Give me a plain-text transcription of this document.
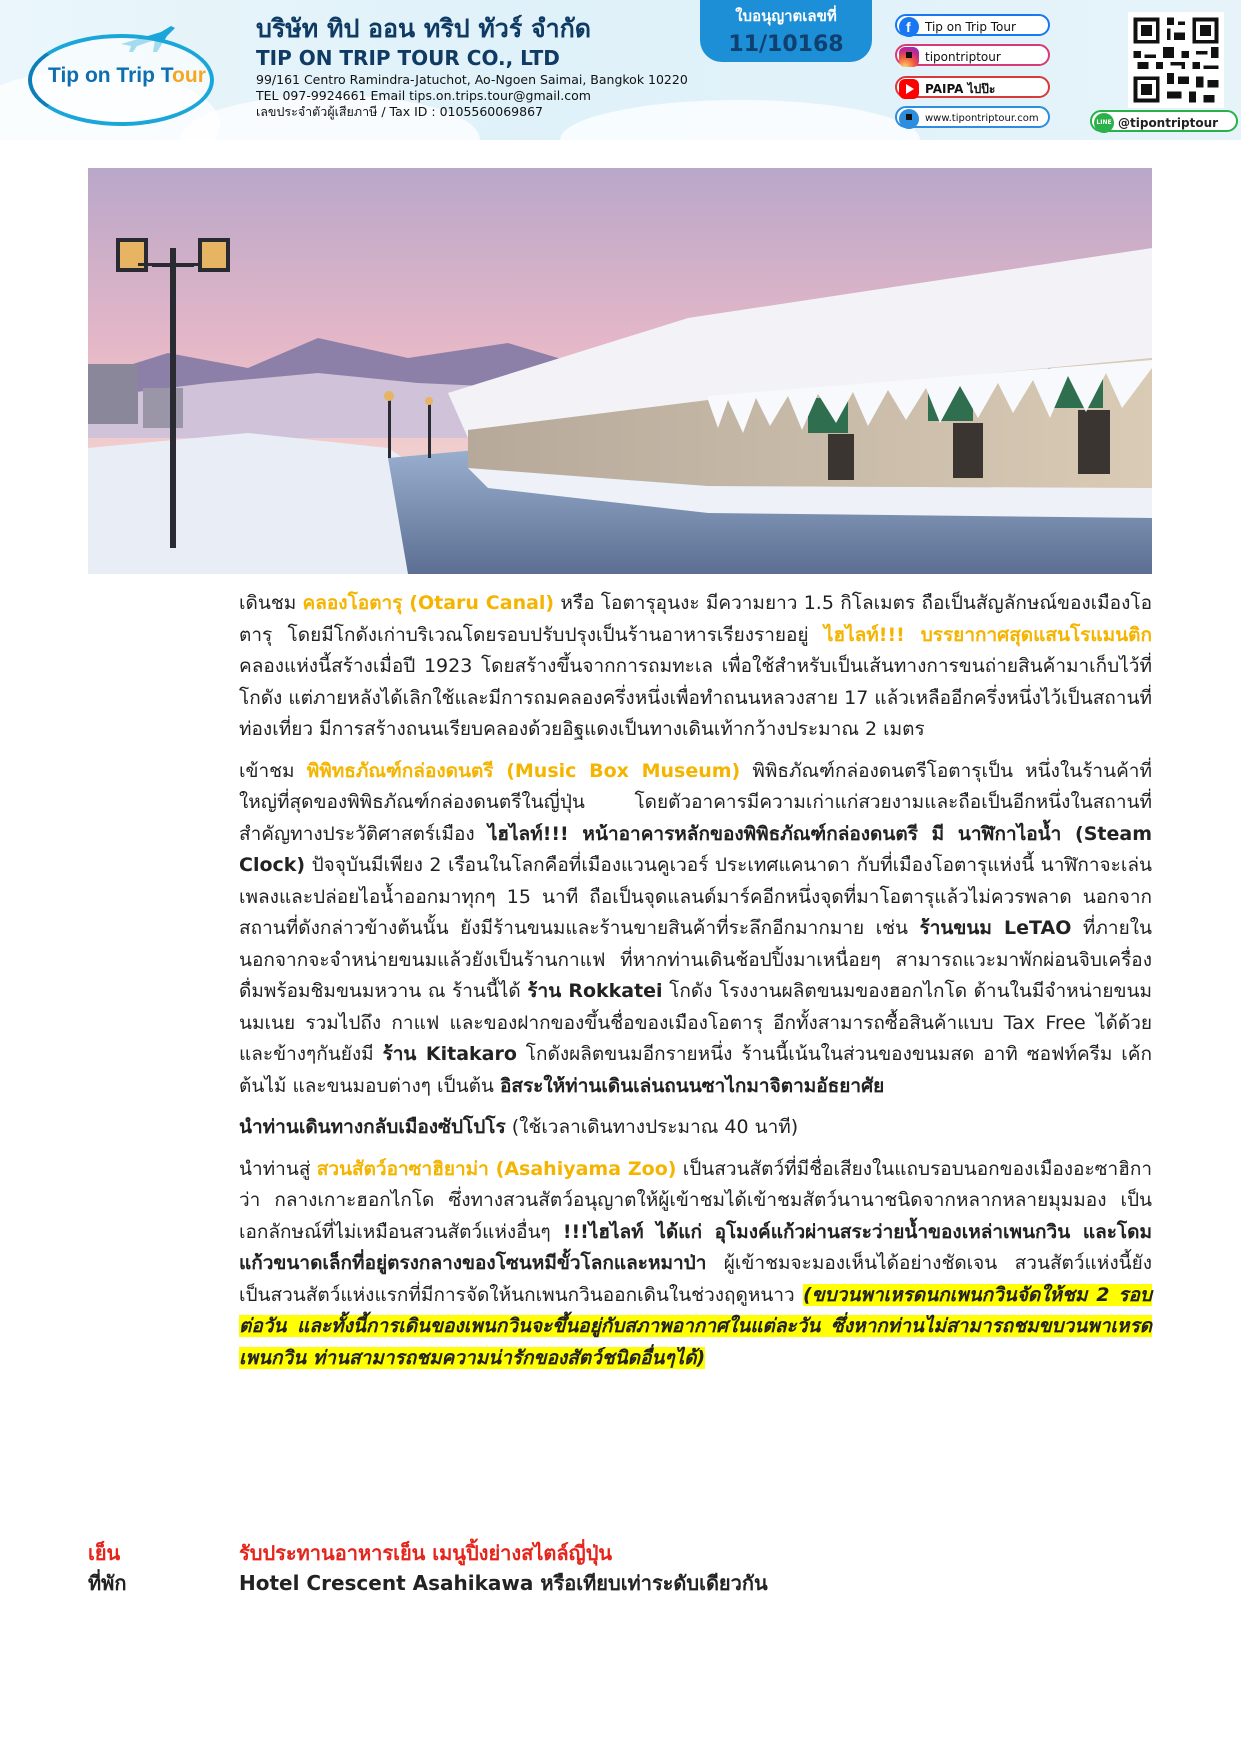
Tip on Trip Tour
บริษัท ทิป ออน ทริป ทัวร์ จำกัด
TIP ON TRIP TOUR CO., LTD
99/161 Centro Ramindra-Jatuchot, Ao-Ngoen Saimai, Bangkok 10220
TEL 097-9924661 Email tips.on.trips.tour@gmail.com
เลขประจำตัวผู้เสียภาษี / Tax ID : 0105560069867
ใบอนุญาตเลขที่
11/10168
f
Tip on Trip Tour
tipontriptour
PAIPA ไปป๊ะ
www.tipontriptour.com	LINE @tipontriptour

เดินชม คลองโอตารุ (Otaru Canal) หรือ โอตารุอุนงะ มีความยาว 1.5 กิโลเมตร ถือเป็นสัญลักษณ์ของเมืองโอตารุ โดยมีโกดังเก่าบริเวณโดยรอบปรับปรุงเป็นร้านอาหารเรียงรายอยู่ ไฮไลท์!!! บรรยากาศสุดแสนโรแมนติก คลองแห่งนี้สร้างเมื่อปี 1923 โดยสร้างขึ้นจากการถมทะเล เพื่อใช้สำหรับเป็นเส้นทางการขนถ่ายสินค้ามาเก็บไว้ที่โกดัง แต่ภายหลังได้เลิกใช้และมีการถมคลองครึ่งหนึ่งเพื่อทำถนนหลวงสาย 17 แล้วเหลืออีกครึ่งหนึ่งไว้เป็นสถานที่ท่องเที่ยว มีการสร้างถนนเรียบคลองด้วยอิฐแดงเป็นทางเดินเท้ากว้างประมาณ 2 เมตร

เข้าชม พิพิทธภัณฑ์กล่องดนตรี (Music Box Museum) พิพิธภัณฑ์กล่องดนตรีโอตารุเป็น หนึ่งในร้านค้าที่ใหญ่ที่สุดของพิพิธภัณฑ์กล่องดนตรีในญี่ปุ่น โดยตัวอาคารมีความเก่าแก่สวยงามและถือเป็นอีกหนึ่งในสถานที่สำคัญทางประวัติศาสตร์เมือง ไฮไลท์!!! หน้าอาคารหลักของพิพิธภัณฑ์กล่องดนตรี มี นาฬิกาไอน้ำ (Steam Clock) ปัจจุบันมีเพียง 2 เรือนในโลกคือที่เมืองแวนคูเวอร์ ประเทศแคนาดา กับที่เมืองโอตารุแห่งนี้ นาฬิกาจะเล่นเพลงและปล่อยไอน้ำออกมาทุกๆ 15 นาที ถือเป็นจุดแลนด์มาร์คอีกหนึ่งจุดที่มาโอตารุแล้วไม่ควรพลาด นอกจากสถานที่ดังกล่าวข้างต้นนั้น ยังมีร้านขนมและร้านขายสินค้าที่ระลึกอีกมากมาย เช่น ร้านขนม LeTAO ที่ภายในนอกจากจะจำหน่ายขนมแล้วยังเป็นร้านกาแฟ ที่หากท่านเดินช้อปปิ้งมาเหนื่อยๆ สามารถแวะมาพักผ่อนจิบเครื่องดื่มพร้อมชิมขนมหวาน ณ ร้านนี้ได้ ร้าน Rokkatei โกดัง โรงงานผลิตขนมของฮอกไกโด ด้านในมีจำหน่ายขนมนมเนย รวมไปถึง กาแฟ และของฝากของขึ้นชื่อของเมืองโอตารุ อีกทั้งสามารถซื้อสินค้าแบบ Tax Free ได้ด้วย และข้างๆกันยังมี ร้าน Kitakaro โกดังผลิตขนมอีกรายหนึ่ง ร้านนี้เน้นในส่วนของขนมสด อาทิ ซอฟท์ครีม เค้กต้นไม้ และขนมอบต่างๆ เป็นต้น อิสระให้ท่านเดินเล่นถนนซาไกมาจิตามอัธยาศัย

นำท่านเดินทางกลับเมืองซัปโปโร (ใช้เวลาเดินทางประมาณ 40 นาที)

นำท่านสู่ สวนสัตว์อาซาฮิยาม่า (Asahiyama Zoo) เป็นสวนสัตว์ที่มีชื่อเสียงในแถบรอบนอกของเมืองอะซาฮิกาว่า กลางเกาะฮอกไกโด ซึ่งทางสวนสัตว์อนุญาตให้ผู้เข้าชมได้เข้าชมสัตว์นานาชนิดจากหลากหลายมุมมอง เป็นเอกลักษณ์ที่ไม่เหมือนสวนสัตว์แห่งอื่นๆ !!!ไฮไลท์ ได้แก่ อุโมงค์แก้วผ่านสระว่ายน้ำของเหล่าเพนกวิน และโดมแก้วขนาดเล็กที่อยู่ตรงกลางของโซนหมีขั้วโลกและหมาป่า ผู้เข้าชมจะมองเห็นได้อย่างชัดเจน สวนสัตว์แห่งนี้ยังเป็นสวนสัตว์แห่งแรกที่มีการจัดให้นกเพนกวินออกเดินในช่วงฤดูหนาว (ขบวนพาเหรดนกเพนกวินจัดให้ชม 2 รอบต่อวัน และทั้งนี้การเดินของเพนกวินจะขึ้นอยู่กับสภาพอากาศในแต่ละวัน ซึ่งหากท่านไม่สามารถชมขบวนพาเหรดเพนกวิน ท่านสามารถชมความน่ารักของสัตว์ชนิดอื่นๆได้)

เย็น	รับประทานอาหารเย็น เมนูปิ้งย่างสไตล์ญี่ปุ่น
ที่พัก	Hotel Crescent Asahikawa หรือเทียบเท่าระดับเดียวกัน
